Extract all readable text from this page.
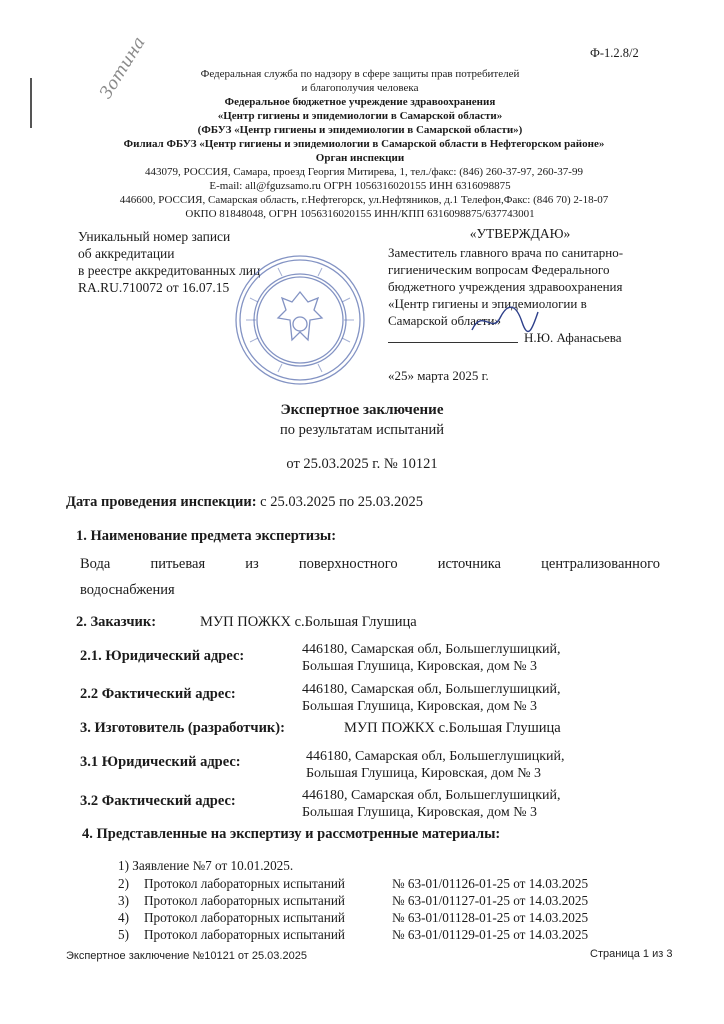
Ф-1.2.8/2
Зотина	Федеральная служба по надзору в сфере защиты прав потребителей
и благополучия человека
Федеральное бюджетное учреждение здравоохранения
«Центр гигиены и эпидемиологии в Самарской области»
(ФБУЗ «Центр гигиены и эпидемиологии в Самарской области»)
Филиал ФБУЗ «Центр гигиены и эпидемиологии в Самарской области в Нефтегорском районе»
Орган инспекции
443079, РОССИЯ, Самара, проезд Георгия Митирева, 1, тел./факс: (846) 260-37-97, 260-37-99
E-mail: all@fguzsamo.ru ОГРН 1056316020155 ИНН 6316098875
446600, РОССИЯ, Самарская область, г.Нефтегорск, ул.Нефтяников, д.1 Телефон,Факс: (846 70) 2-18-07
ОКПО 81848048, ОГРН 1056316020155 ИНН/КПП 6316098875/637743001
Уникальный номер записи
об аккредитации
в реестре аккредитованных лиц
RA.RU.710072 от 16.07.15
«УТВЕРЖДАЮ»
Заместитель главного врача по санитарно-
гигиеническим вопросам Федерального
бюджетного учреждения здравоохранения
«Центр гигиены и эпидемиологии в
Самарской области»
Н.Ю. Афанасьева
«25» марта 2025 г.
Экспертное заключение
по результатам испытаний
от 25.03.2025 г. № 10121
Дата проведения инспекции: с 25.03.2025 по 25.03.2025
1. Наименование предмета экспертизы:
Вода	питьевая	из	поверхностного	источника	централизованного
водоснабжения
2. Заказчик:	МУП ПОЖКХ с.Большая Глушица
2.1. Юридический адрес:	446180, Самарская обл, Большеглушицкий,
Большая Глушица, Кировская, дом № 3
2.2 Фактический адрес:	446180, Самарская обл, Большеглушицкий,
Большая Глушица, Кировская, дом № 3
3. Изготовитель (разработчик):	МУП ПОЖКХ с.Большая Глушица
3.1 Юридический адрес:	446180, Самарская обл, Большеглушицкий,
Большая Глушица, Кировская, дом № 3
3.2 Фактический адрес:	446180, Самарская обл, Большеглушицкий,
Большая Глушица, Кировская, дом № 3
4. Представленные на экспертизу и рассмотренные материалы:
1) Заявление №7 от 10.01.2025.
2) Протокол лабораторных испытаний	№ 63-01/01126-01-25 от 14.03.2025
3) Протокол лабораторных испытаний	№ 63-01/01127-01-25 от 14.03.2025
4) Протокол лабораторных испытаний	№ 63-01/01128-01-25 от 14.03.2025
5) Протокол лабораторных испытаний	№ 63-01/01129-01-25 от 14.03.2025
Экспертное заключение №10121 от 25.03.2025	Страница 1 из 3
